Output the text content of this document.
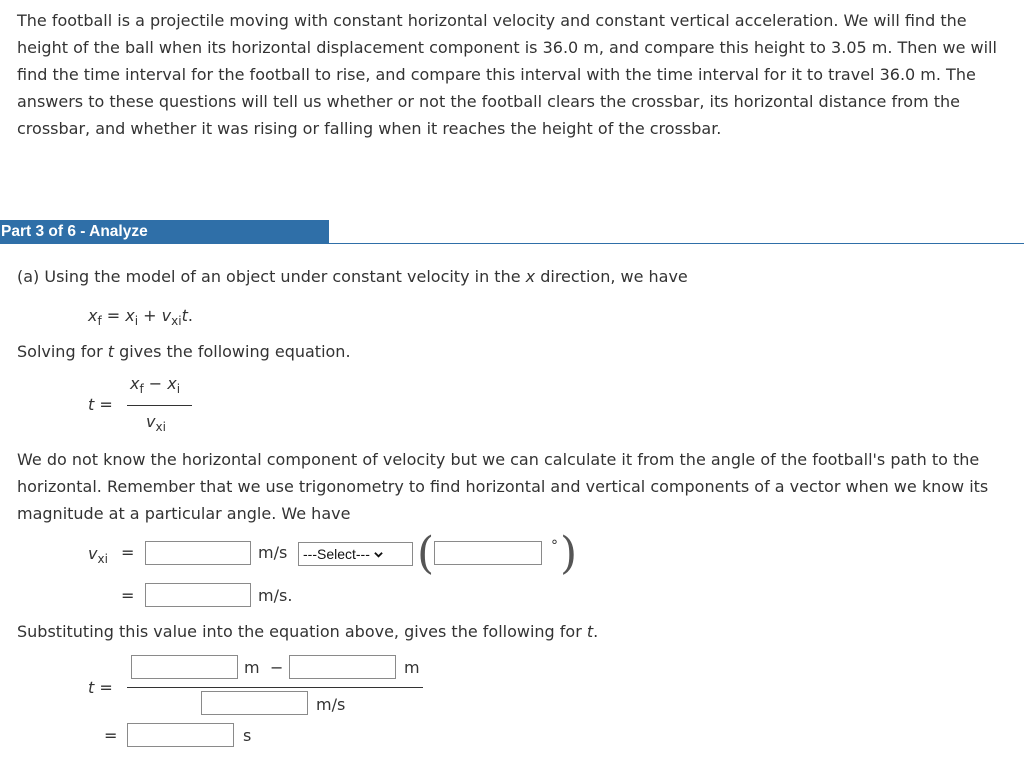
The football is a projectile moving with constant horizontal velocity and constant vertical acceleration. We will find the height of the ball when its horizontal displacement component is 36.0 m, and compare this height to 3.05 m. Then we will find the time interval for the football to rise, and compare this interval with the time interval for it to travel 36.0 m. The answers to these questions will tell us whether or not the football clears the crossbar, its horizontal distance from the crossbar, and whether it was rising or falling when it reaches the height of the crossbar.

Part 3 of 6 - Analyze
(a) Using the model of an object under constant velocity in the x direction, we have
$x_f = x_i + v_{xi}t$.
Solving for t gives the following equation.
t =
$x_f - x_i$
$v_{xi}$
We do not know the horizontal component of velocity but we can calculate it from the angle of the football's path to the horizontal. Remember that we use trigonometry to find horizontal and vertical components of a vector when we know its magnitude at a particular angle. We have
$v_{xi}$ =	m/s ---Select--- (	° )
=	m/s.
Substituting this value into the equation above, gives the following for t.
t =
m −	m
m/s
=	s
